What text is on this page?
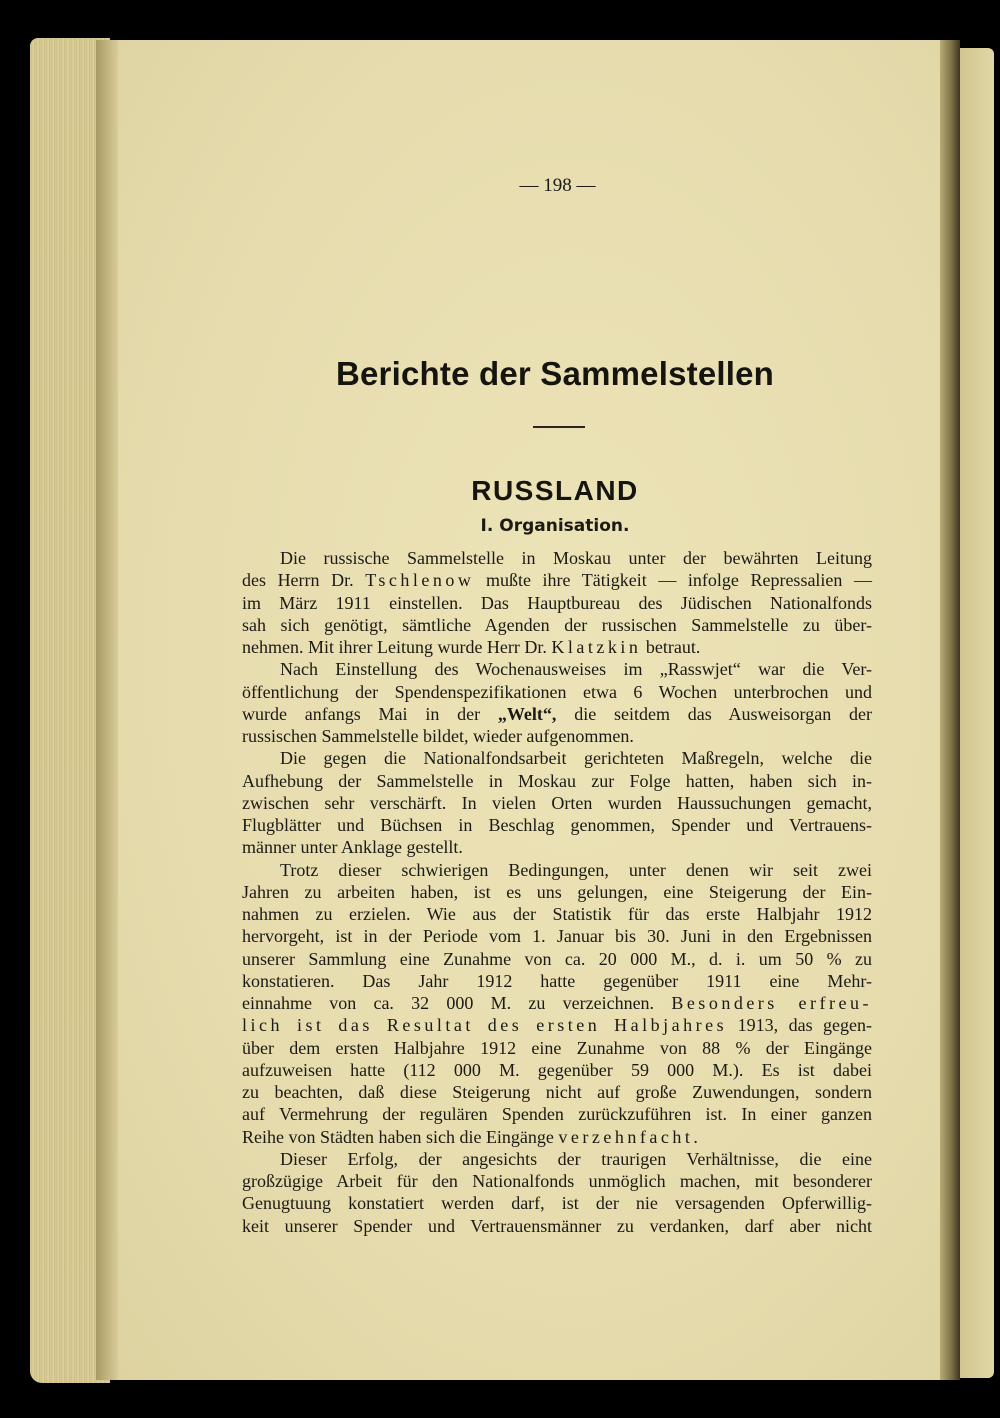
— 198 —
Berichte der Sammelstellen
RUSSLAND
I. Organisation.
Die russische Sammelstelle in Moskau unter der bewährten Leitung
des Herrn Dr. Tschlenow mußte ihre Tätigkeit — infolge Repressalien —
im März 1911 einstellen. Das Hauptbureau des Jüdischen Nationalfonds
sah sich genötigt, sämtliche Agenden der russischen Sammelstelle zu über-
nehmen. Mit ihrer Leitung wurde Herr Dr. Klatzkin betraut.
Nach Einstellung des Wochenausweises im „Rasswjet“ war die Ver-
öffentlichung der Spendenspezifikationen etwa 6 Wochen unterbrochen und
wurde anfangs Mai in der „Welt“, die seitdem das Ausweisorgan der
russischen Sammelstelle bildet, wieder aufgenommen.
Die gegen die Nationalfondsarbeit gerichteten Maßregeln, welche die
Aufhebung der Sammelstelle in Moskau zur Folge hatten, haben sich in-
zwischen sehr verschärft. In vielen Orten wurden Haussuchungen gemacht,
Flugblätter und Büchsen in Beschlag genommen, Spender und Vertrauens-
männer unter Anklage gestellt.
Trotz dieser schwierigen Bedingungen, unter denen wir seit zwei
Jahren zu arbeiten haben, ist es uns gelungen, eine Steigerung der Ein-
nahmen zu erzielen. Wie aus der Statistik für das erste Halbjahr 1912
hervorgeht, ist in der Periode vom 1. Januar bis 30. Juni in den Ergebnissen
unserer Sammlung eine Zunahme von ca. 20 000 M., d. i. um 50 % zu
konstatieren. Das Jahr 1912 hatte gegenüber 1911 eine Mehr-
einnahme von ca. 32 000 M. zu verzeichnen. Besonders erfreu-
lich ist das Resultat des ersten Halbjahres 1913, das gegen-
über dem ersten Halbjahre 1912 eine Zunahme von 88 % der Eingänge
aufzuweisen hatte (112 000 M. gegenüber 59 000 M.). Es ist dabei
zu beachten, daß diese Steigerung nicht auf große Zuwendungen, sondern
auf Vermehrung der regulären Spenden zurückzuführen ist. In einer ganzen
Reihe von Städten haben sich die Eingänge verzehnfacht.
Dieser Erfolg, der angesichts der traurigen Verhältnisse, die eine
großzügige Arbeit für den Nationalfonds unmöglich machen, mit besonderer
Genugtuung konstatiert werden darf, ist der nie versagenden Opferwillig-
keit unserer Spender und Vertrauensmänner zu verdanken, darf aber nicht
